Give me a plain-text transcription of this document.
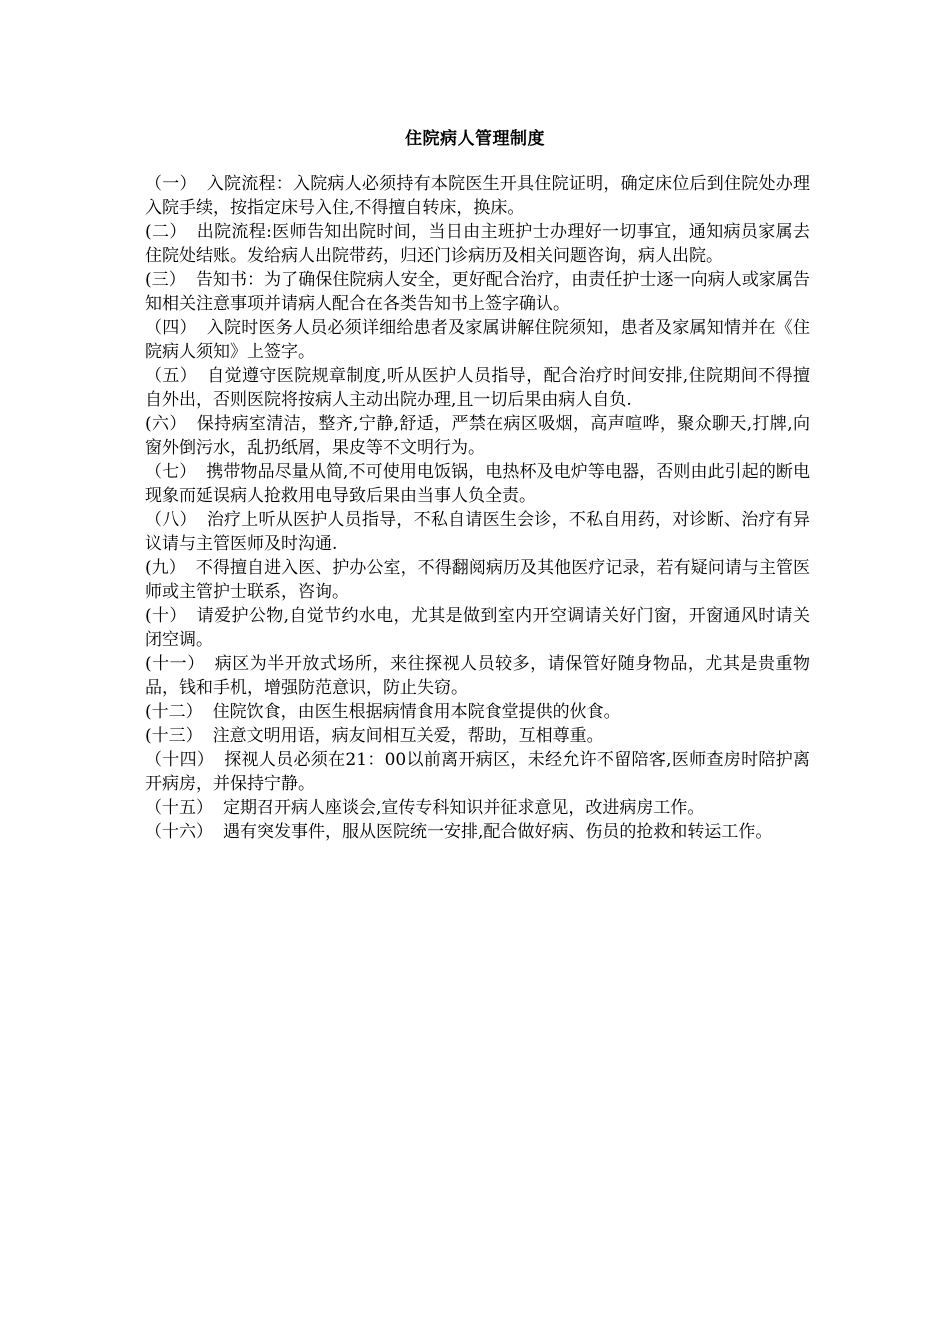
住院病人管理制度

（一） 入院流程：入院病人必须持有本院医生开具住院证明，确定床位后到住院处办理入院手续，按指定床号入住,不得擅自转床，换床。

(二） 出院流程:医师告知出院时间，当日由主班护士办理好一切事宜，通知病员家属去住院处结账。发给病人出院带药，归还门诊病历及相关问题咨询，病人出院。

(三） 告知书：为了确保住院病人安全，更好配合治疗，由责任护士逐一向病人或家属告知相关注意事项并请病人配合在各类告知书上签字确认。

（四） 入院时医务人员必须详细给患者及家属讲解住院须知，患者及家属知情并在《住院病人须知》上签字。

（五） 自觉遵守医院规章制度,听从医护人员指导，配合治疗时间安排,住院期间不得擅自外出，否则医院将按病人主动出院办理,且一切后果由病人自负.

(六） 保持病室清洁，整齐,宁静,舒适，严禁在病区吸烟，高声喧哗，聚众聊天,打牌,向窗外倒污水，乱扔纸屑，果皮等不文明行为。

（七） 携带物品尽量从简,不可使用电饭锅，电热杯及电炉等电器，否则由此引起的断电现象而延误病人抢救用电导致后果由当事人负全责。

（八） 治疗上听从医护人员指导，不私自请医生会诊，不私自用药，对诊断、治疗有异议请与主管医师及时沟通.

(九） 不得擅自进入医、护办公室，不得翻阅病历及其他医疗记录，若有疑问请与主管医师或主管护士联系，咨询。

(十） 请爱护公物,自觉节约水电，尤其是做到室内开空调请关好门窗，开窗通风时请关闭空调。

(十一） 病区为半开放式场所，来往探视人员较多，请保管好随身物品，尤其是贵重物品，钱和手机，增强防范意识，防止失窃。

(十二） 住院饮食，由医生根据病情食用本院食堂提供的伙食。

(十三） 注意文明用语，病友间相互关爱，帮助，互相尊重。

（十四） 探视人员必须在21：00以前离开病区，未经允许不留陪客,医师查房时陪护离开病房，并保持宁静。

（十五） 定期召开病人座谈会,宣传专科知识并征求意见，改进病房工作。

（十六） 遇有突发事件，服从医院统一安排,配合做好病、伤员的抢救和转运工作。
